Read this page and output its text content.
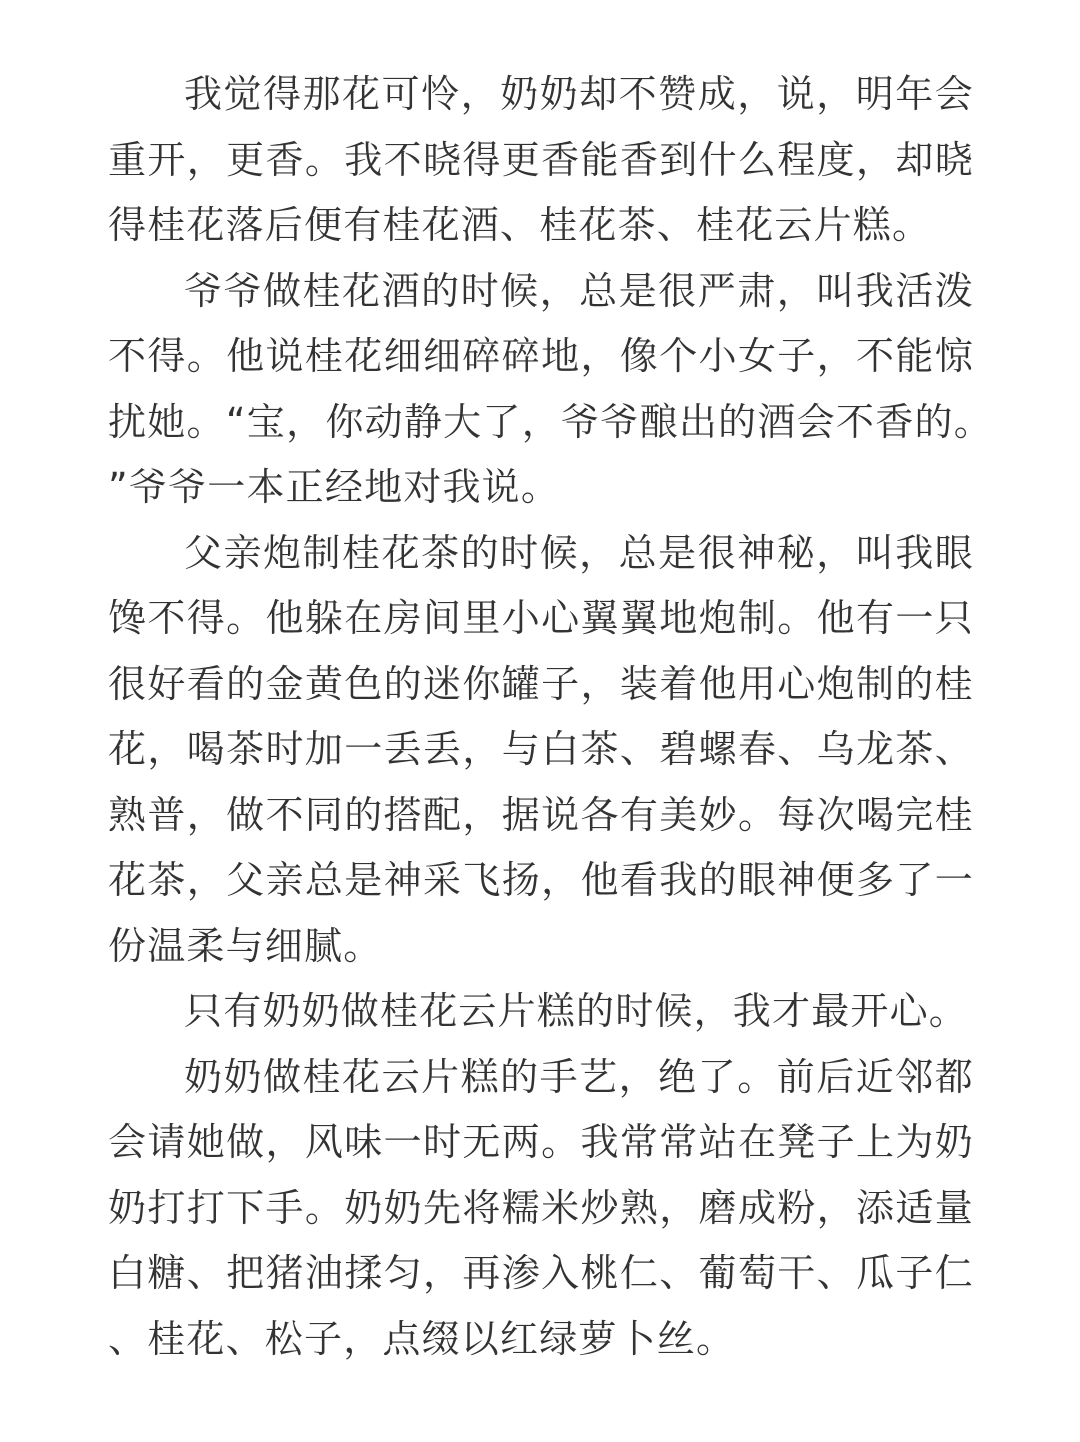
我觉得那花可怜，奶奶却不赞成，说，明年会重开，更香。我不晓得更香能香到什么程度，却晓得桂花落后便有桂花酒、桂花茶、桂花云片糕。

爷爷做桂花酒的时候，总是很严肃，叫我活泼不得。他说桂花细细碎碎地，像个小女子，不能惊扰她。“宝，你动静大了，爷爷酿出的酒会不香的。”爷爷一本正经地对我说。

父亲炮制桂花茶的时候，总是很神秘，叫我眼馋不得。他躲在房间里小心翼翼地炮制。他有一只很好看的金黄色的迷你罐子，装着他用心炮制的桂花，喝茶时加一丢丢，与白茶、碧螺春、乌龙茶、熟普，做不同的搭配，据说各有美妙。每次喝完桂花茶，父亲总是神采飞扬，他看我的眼神便多了一份温柔与细腻。

只有奶奶做桂花云片糕的时候，我才最开心。

奶奶做桂花云片糕的手艺，绝了。前后近邻都会请她做，风味一时无两。我常常站在凳子上为奶奶打打下手。奶奶先将糯米炒熟，磨成粉，添适量白糖、把猪油揉匀，再渗入桃仁、葡萄干、瓜子仁、桂花、松子，点缀以红绿萝卜丝。
